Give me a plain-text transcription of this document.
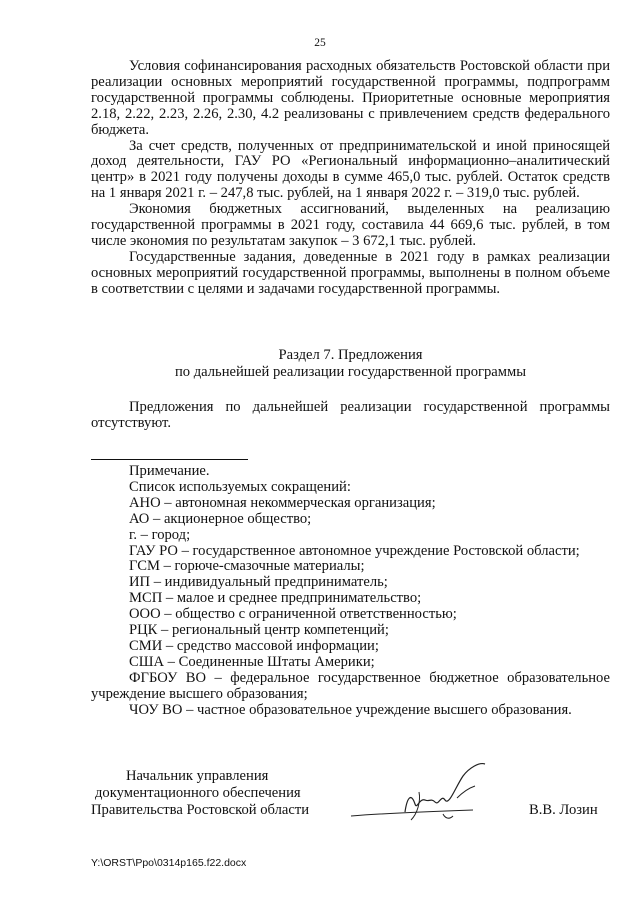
25

Условия софинансирования расходных обязательств Ростовской области при реализации основных мероприятий государственной программы, подпрограмм государственной программы соблюдены. Приоритетные основные мероприятия 2.18, 2.22, 2.23, 2.26, 2.30, 4.2 реализованы с привлечением средств федерального бюджета.

За счет средств, полученных от предпринимательской и иной приносящей доход деятельности, ГАУ РО «Региональный информационно–аналитический центр» в 2021 году получены доходы в сумме 465,0 тыс. рублей. Остаток средств на 1 января 2021 г. – 247,8 тыс. рублей, на 1 января 2022 г. – 319,0 тыс. рублей.

Экономия бюджетных ассигнований, выделенных на реализацию государственной программы в 2021 году, составила 44 669,6 тыс. рублей, в том числе экономия по результатам закупок – 3 672,1 тыс. рублей.

Государственные задания, доведенные в 2021 году в рамках реализации основных мероприятий государственной программы, выполнены в полном объеме в соответствии с целями и задачами государственной программы.

Раздел 7. Предложения
по дальнейшей реализации государственной программы

Предложения по дальнейшей реализации государственной программы отсутствуют.

Примечание.

Список используемых сокращений:

АНО – автономная некоммерческая организация;

АО – акционерное общество;

г. – город;

ГАУ РО – государственное автономное учреждение Ростовской области;

ГСМ – горюче-смазочные материалы;

ИП – индивидуальный предприниматель;

МСП – малое и среднее предпринимательство;

ООО – общество с ограниченной ответственностью;

РЦК – региональный центр компетенций;

СМИ – средство массовой информации;

США – Соединенные Штаты Америки;

ФГБОУ ВО – федеральное государственное бюджетное образовательное учреждение высшего образования;

ЧОУ ВО – частное образовательное учреждение высшего образования.

Начальник управления
документационного обеспечения
Правительства Ростовской области	В.В. Лозин
Y:\ORST\Ppo\0314p165.f22.docx
